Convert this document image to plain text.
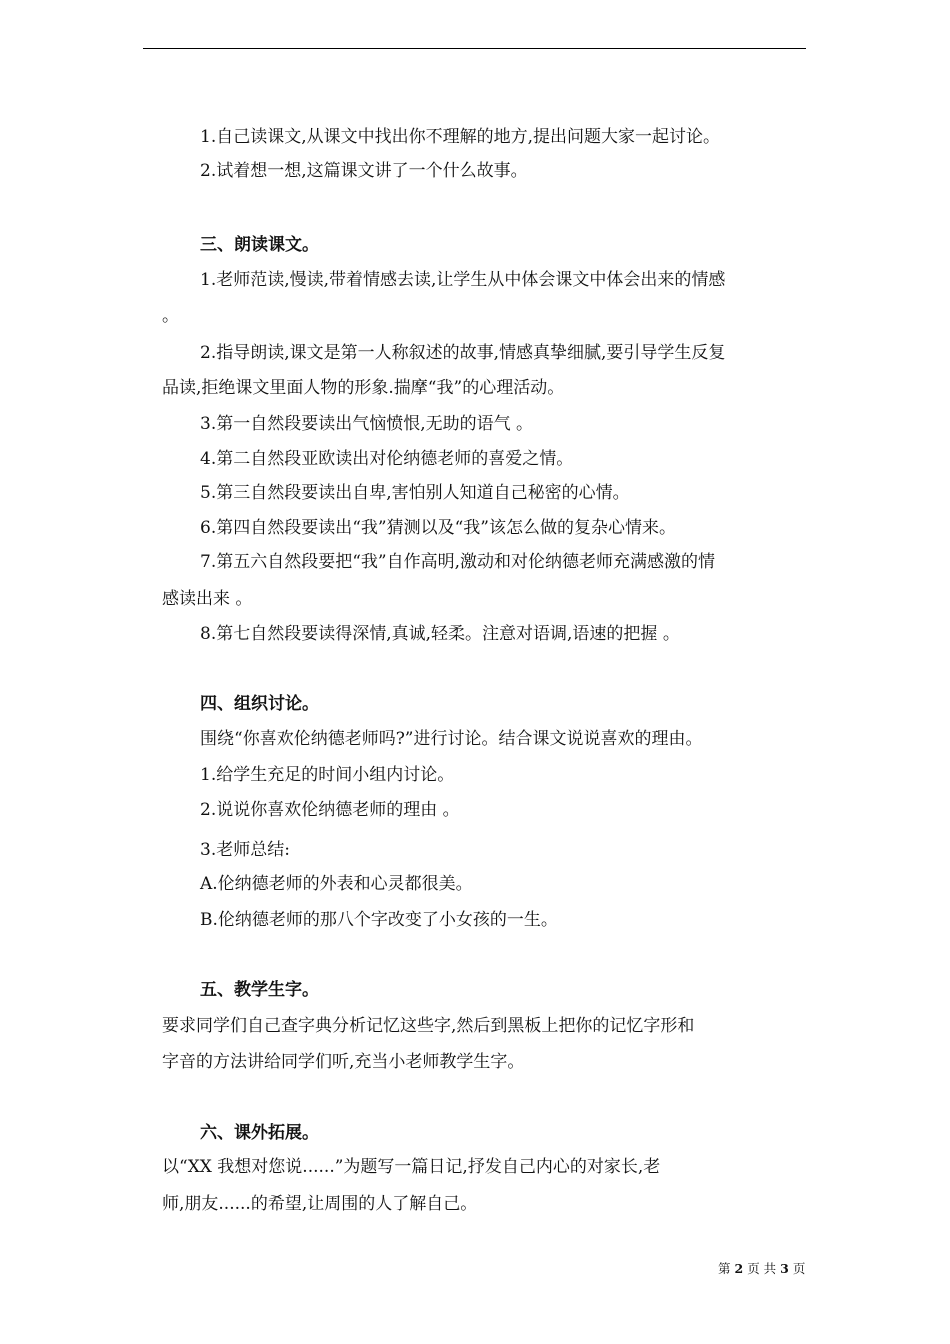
1.自己读课文,从课文中找出你不理解的地方,提出问题大家一起讨论。
2.试着想一想,这篇课文讲了一个什么故事。
三、朗读课文。
1.老师范读,慢读,带着情感去读,让学生从中体会课文中体会出来的情感
。
2.指导朗读,课文是第一人称叙述的故事,情感真挚细腻,要引导学生反复
品读,拒绝课文里面人物的形象.揣摩“我”的心理活动。
3.第一自然段要读出气恼愤恨,无助的语气 。
4.第二自然段亚欧读出对伦纳德老师的喜爱之情。
5.第三自然段要读出自卑,害怕别人知道自己秘密的心情。
6.第四自然段要读出“我”猜测以及“我”该怎么做的复杂心情来。
7.第五六自然段要把“我”自作高明,激动和对伦纳德老师充满感激的情
感读出来 。
8.第七自然段要读得深情,真诚,轻柔。注意对语调,语速的把握 。
四、组织讨论。
围绕“你喜欢伦纳德老师吗?”进行讨论。结合课文说说喜欢的理由。
1.给学生充足的时间小组内讨论。
2.说说你喜欢伦纳德老师的理由 。
3.老师总结:
A.伦纳德老师的外表和心灵都很美。
B.伦纳德老师的那八个字改变了小女孩的一生。
五、教学生字。
要求同学们自己查字典分析记忆这些字,然后到黑板上把你的记忆字形和
字音的方法讲给同学们听,充当小老师教学生字。
六、课外拓展。
以“XX 我想对您说......”为题写一篇日记,抒发自己内心的对家长,老
师,朋友......的希望,让周围的人了解自己。
第 2 页 共 3 页
